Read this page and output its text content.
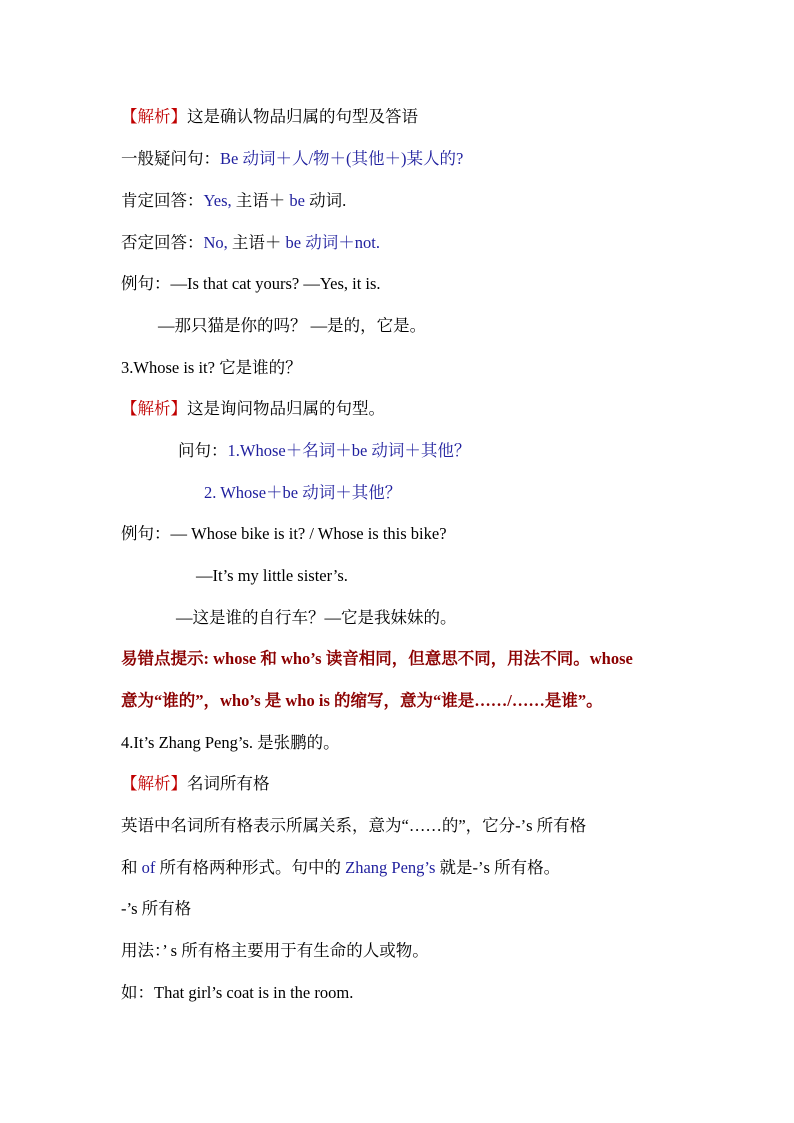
【解析】这是确认物品归属的句型及答语
一般疑问句：Be 动词＋人/物＋(其他＋)某人的?
肯定回答：Yes, 主语＋ be 动词.
否定回答：No, 主语＋ be 动词＋not.
例句：—Is that cat yours? —Yes, it is.
—那只猫是你的吗？ —是的，它是。
3.Whose is it? 它是谁的？
【解析】这是询问物品归属的句型。
问句：1.Whose＋名词＋be 动词＋其他？
2. Whose＋be 动词＋其他？
例句：— Whose bike is it? / Whose is this bike?
—It’s my little sister’s.
—这是谁的自行车？—它是我妹妹的。
易错点提示: whose 和 who’s 读音相同，但意思不同，用法不同。whose
意为“谁的”，who’s 是 who is 的缩写，意为“谁是……/……是谁”。
4.It’s Zhang Peng’s. 是张鹏的。
【解析】名词所有格
英语中名词所有格表示所属关系，意为“……的”，它分-’s 所有格
和 of 所有格两种形式。句中的 Zhang Peng’s 就是-’s 所有格。
-’s 所有格
用法：’ s 所有格主要用于有生命的人或物。
如：That girl’s coat is in the room.
